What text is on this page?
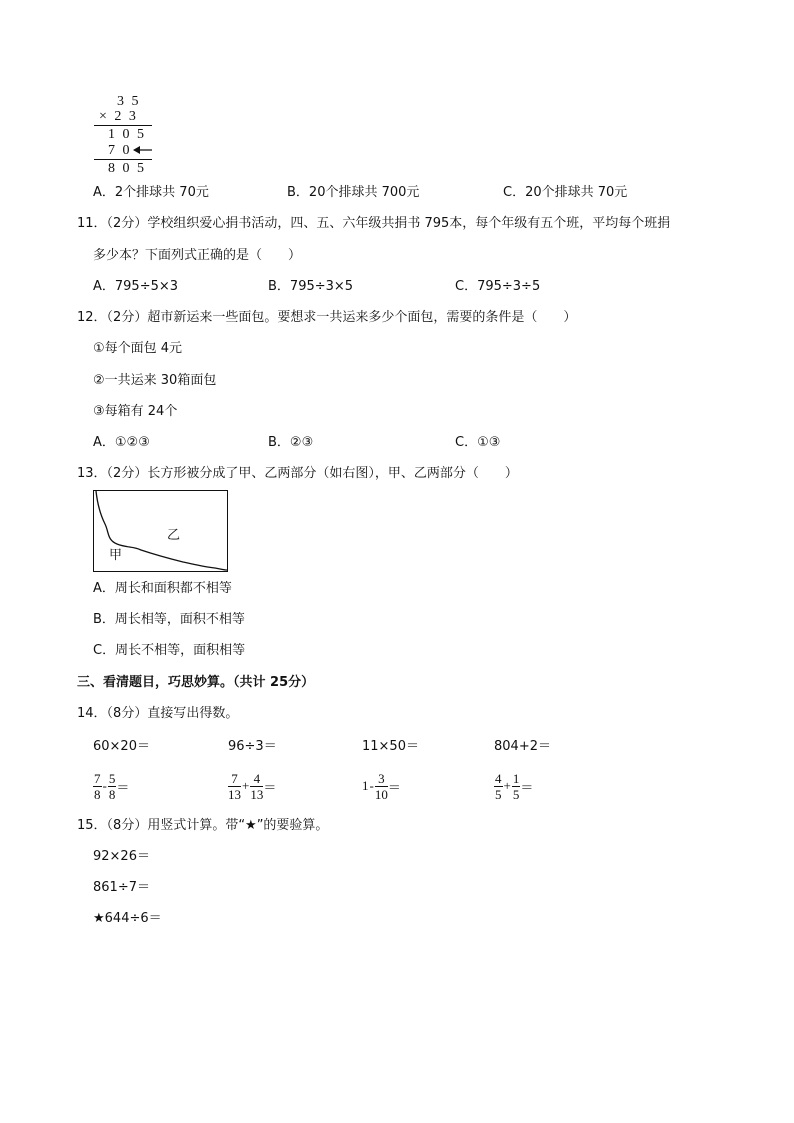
3 5
× 2 3
1 0 5
7 0
8 0 5
A．2个排球共 70元	B．20个排球共 700元	C．20个排球共 70元
11．（2分）学校组织爱心捐书活动，四、五、六年级共捐书 795本，每个年级有五个班，平均每个班捐
多少本？下面列式正确的是（　　）
A．795÷5×3	B．795÷3×5	C．795÷3÷5
12．（2分）超市新运来一些面包。要想求一共运来多少个面包，需要的条件是（　　）
①每个面包 4元
②一共运来 30箱面包
③每箱有 24个
A．①②③	B．②③	C．①③
13．（2分）长方形被分成了甲、乙两部分（如右图），甲、乙两部分（　　）
乙
甲
A．周长和面积都不相等
B．周长相等，面积不相等
C．周长不相等，面积相等
三、看清题目，巧思妙算。（共计 25分）
14．（8分）直接写出得数。
60×20＝	96÷3＝	11×50＝	804+2＝
$\frac{7}{8} - \frac{5}{8}$ ＝	$\frac{7}{13} + \frac{4}{13}$ ＝	$1 - \frac{3}{10}$ ＝	$\frac{4}{5} + \frac{1}{5}$ ＝
15．（8分）用竖式计算。带“★”的要验算。
92×26＝
861÷7＝
★644÷6＝
